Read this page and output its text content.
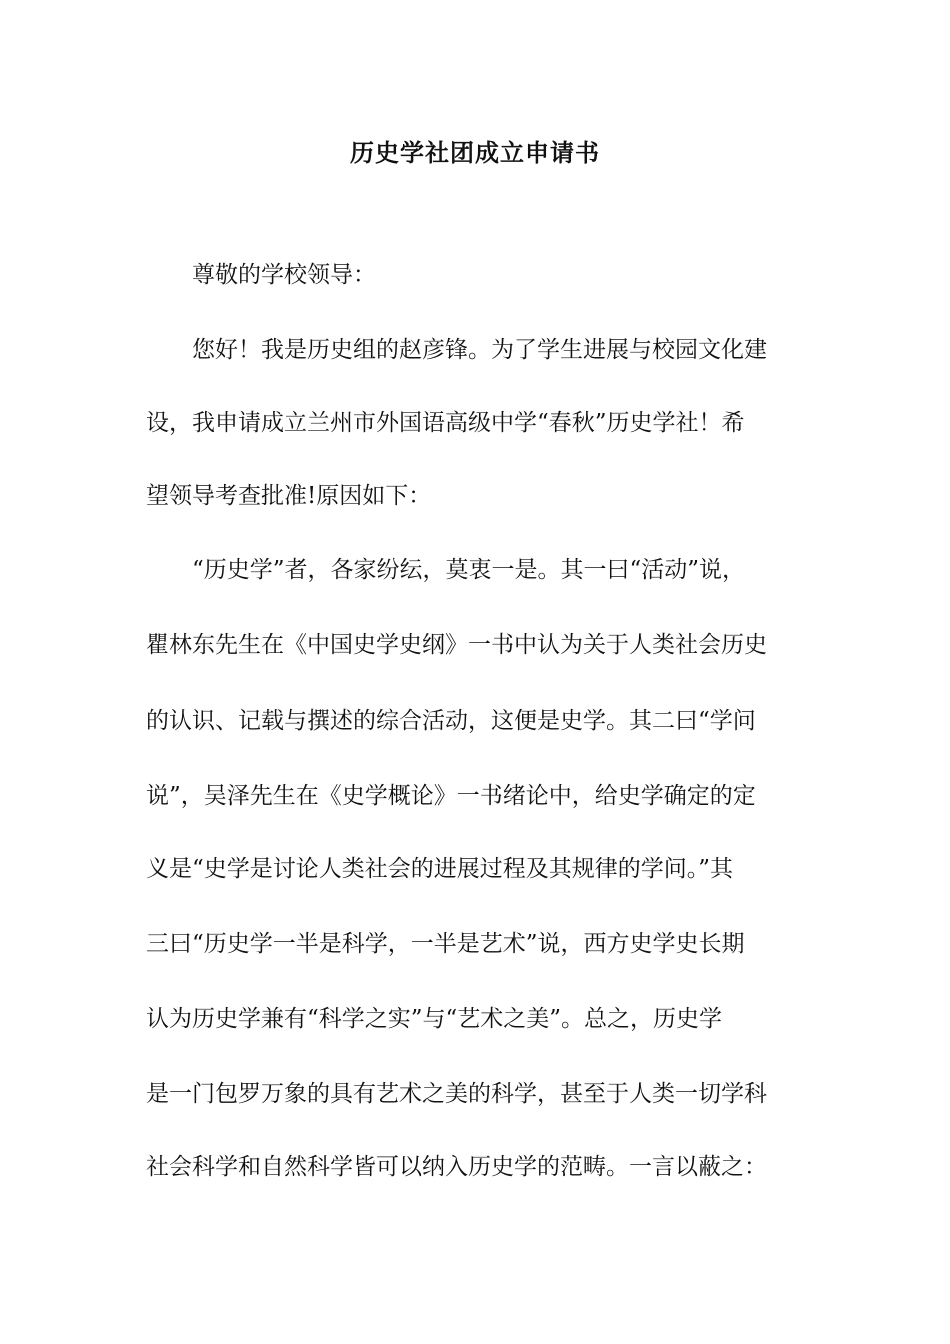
历史学社团成立申请书
尊敬的学校领导：
您好！我是历史组的赵彦锋。为了学生进展与校园文化建
设，我申请成立兰州市外国语高级中学“春秋”历史学社！希
望领导考查批准!原因如下：
“历史学”者，各家纷纭，莫衷一是。其一曰“活动”说，
瞿林东先生在《中国史学史纲》一书中认为关于人类社会历史
的认识、记载与撰述的综合活动，这便是史学。其二曰“学问
说”，吴泽先生在《史学概论》一书绪论中，给史学确定的定
义是“史学是讨论人类社会的进展过程及其规律的学问。”其
三曰“历史学一半是科学，一半是艺术”说，西方史学史长期
认为历史学兼有“科学之实”与“艺术之美”。总之，历史学
是一门包罗万象的具有艺术之美的科学，甚至于人类一切学科
社会科学和自然科学皆可以纳入历史学的范畴。一言以蔽之：
